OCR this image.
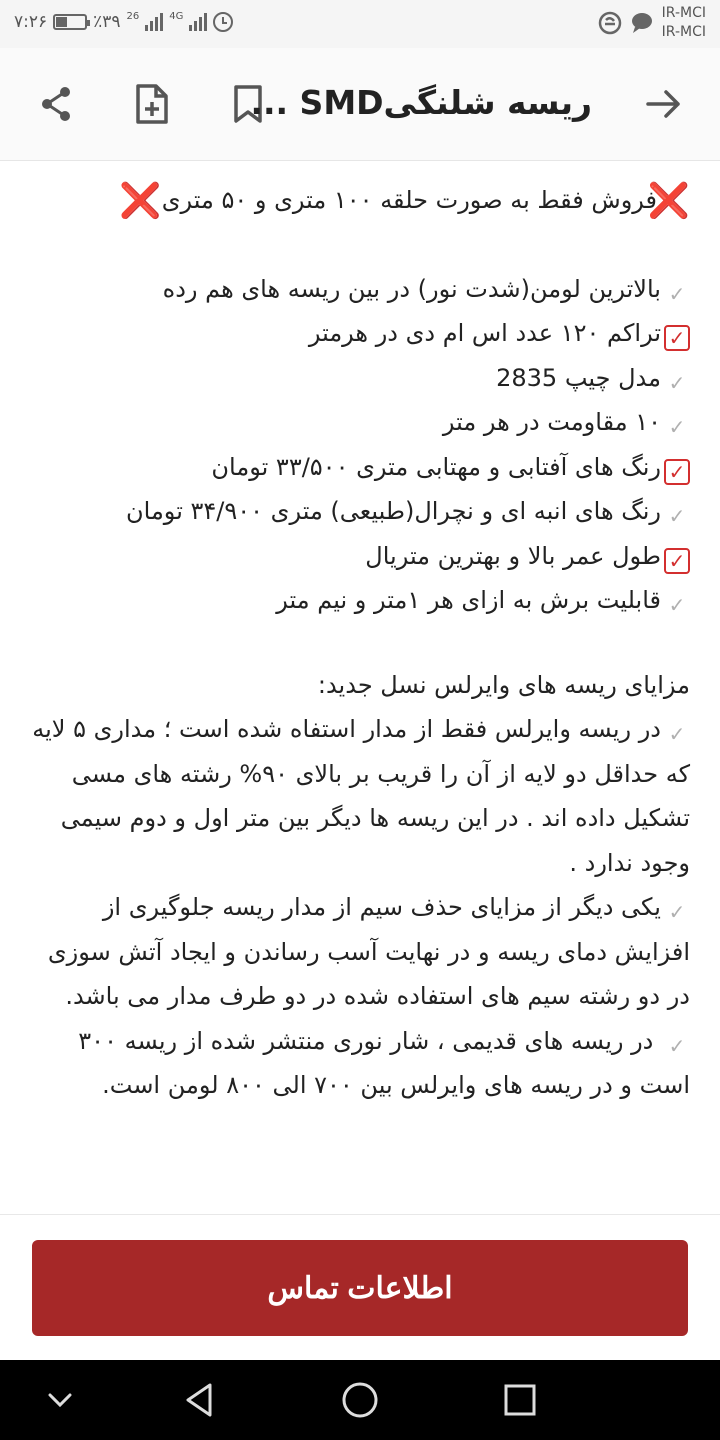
۷:۲۶	٪۳۹ 26	4G	IR-MCI
IR-MCI
ریسه شلنگیSMD ...

❌فروش فقط به صورت حلقه ۱۰۰ متری و ۵۰ متری❌

✓بالاترین لومن(شدت نور) در بین ریسه های هم رده

✓تراکم ۱۲۰ عدد اس ام دی در هرمتر

✓مدل چیپ 2835

✓۱۰ مقاومت در هر متر

✓رنگ های آفتابی و مهتابی متری ۳۳/۵۰۰ تومان

✓رنگ های انبه ای و نچرال(طبیعی) متری ۳۴/۹۰۰ تومان

✓طول عمر بالا و بهترین متریال

✓قابلیت برش به ازای هر ۱متر و نیم متر

مزایای ریسه های وایرلس نسل جدید:

✓در ریسه وایرلس فقط از مدار استفاه شده است ؛ مداری ۵ لایه که حداقل دو لایه از آن را قریب بر بالای ۹۰% رشته های مسی تشکیل داده اند . در این ریسه ها دیگر بین متر اول و دوم سیمی وجود ندارد .

✓یکی دیگر از مزایای حذف سیم از مدار ریسه جلوگیری از افزایش دمای ریسه و در نهایت آسب رساندن و ایجاد آتش سوزی در دو رشته سیم های استفاده شده در دو طرف مدار می باشد.

✓ در ریسه های قدیمی ، شار نوری منتشر شده از ریسه ۳۰۰ است و در ریسه های وایرلس بین ۷۰۰ الی ۸۰۰ لومن است.

اطلاعات تماس
